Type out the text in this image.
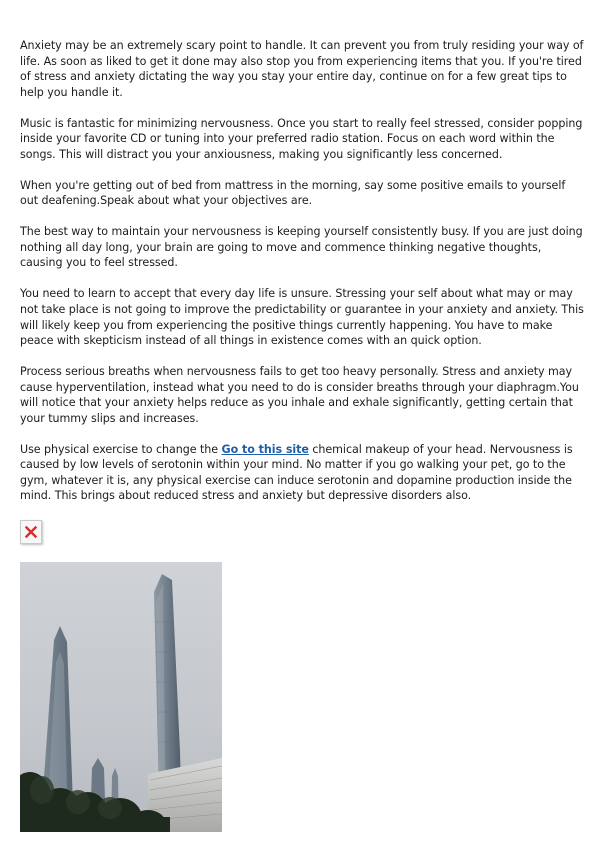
Anxiety may be an extremely scary point to handle. It can prevent you from truly residing your way of life. As soon as liked to get it done may also stop you from experiencing items that you. If you're tired of stress and anxiety dictating the way you stay your entire day, continue on for a few great tips to help you handle it.

Music is fantastic for minimizing nervousness. Once you start to really feel stressed, consider popping inside your favorite CD or tuning into your preferred radio station. Focus on each word within the songs. This will distract you your anxiousness, making you significantly less concerned.

When you're getting out of bed from mattress in the morning, say some positive emails to yourself out deafening.Speak about what your objectives are.

The best way to maintain your nervousness is keeping yourself consistently busy. If you are just doing nothing all day long, your brain are going to move and commence thinking negative thoughts, causing you to feel stressed.

You need to learn to accept that every day life is unsure. Stressing your self about what may or may not take place is not going to improve the predictability or guarantee in your anxiety and anxiety. This will likely keep you from experiencing the positive things currently happening. You have to make peace with skepticism instead of all things in existence comes with an quick option.

Process serious breaths when nervousness fails to get too heavy personally. Stress and anxiety may cause hyperventilation, instead what you need to do is consider breaths through your diaphragm.You will notice that your anxiety helps reduce as you inhale and exhale significantly, getting certain that your tummy slips and increases.

Use physical exercise to change the Go to this site chemical makeup of your head. Nervousness is caused by low levels of serotonin within your mind. No matter if you go walking your pet, go to the gym, whatever it is, any physical exercise can induce serotonin and dopamine production inside the mind. This brings about reduced stress and anxiety but depressive disorders also.
